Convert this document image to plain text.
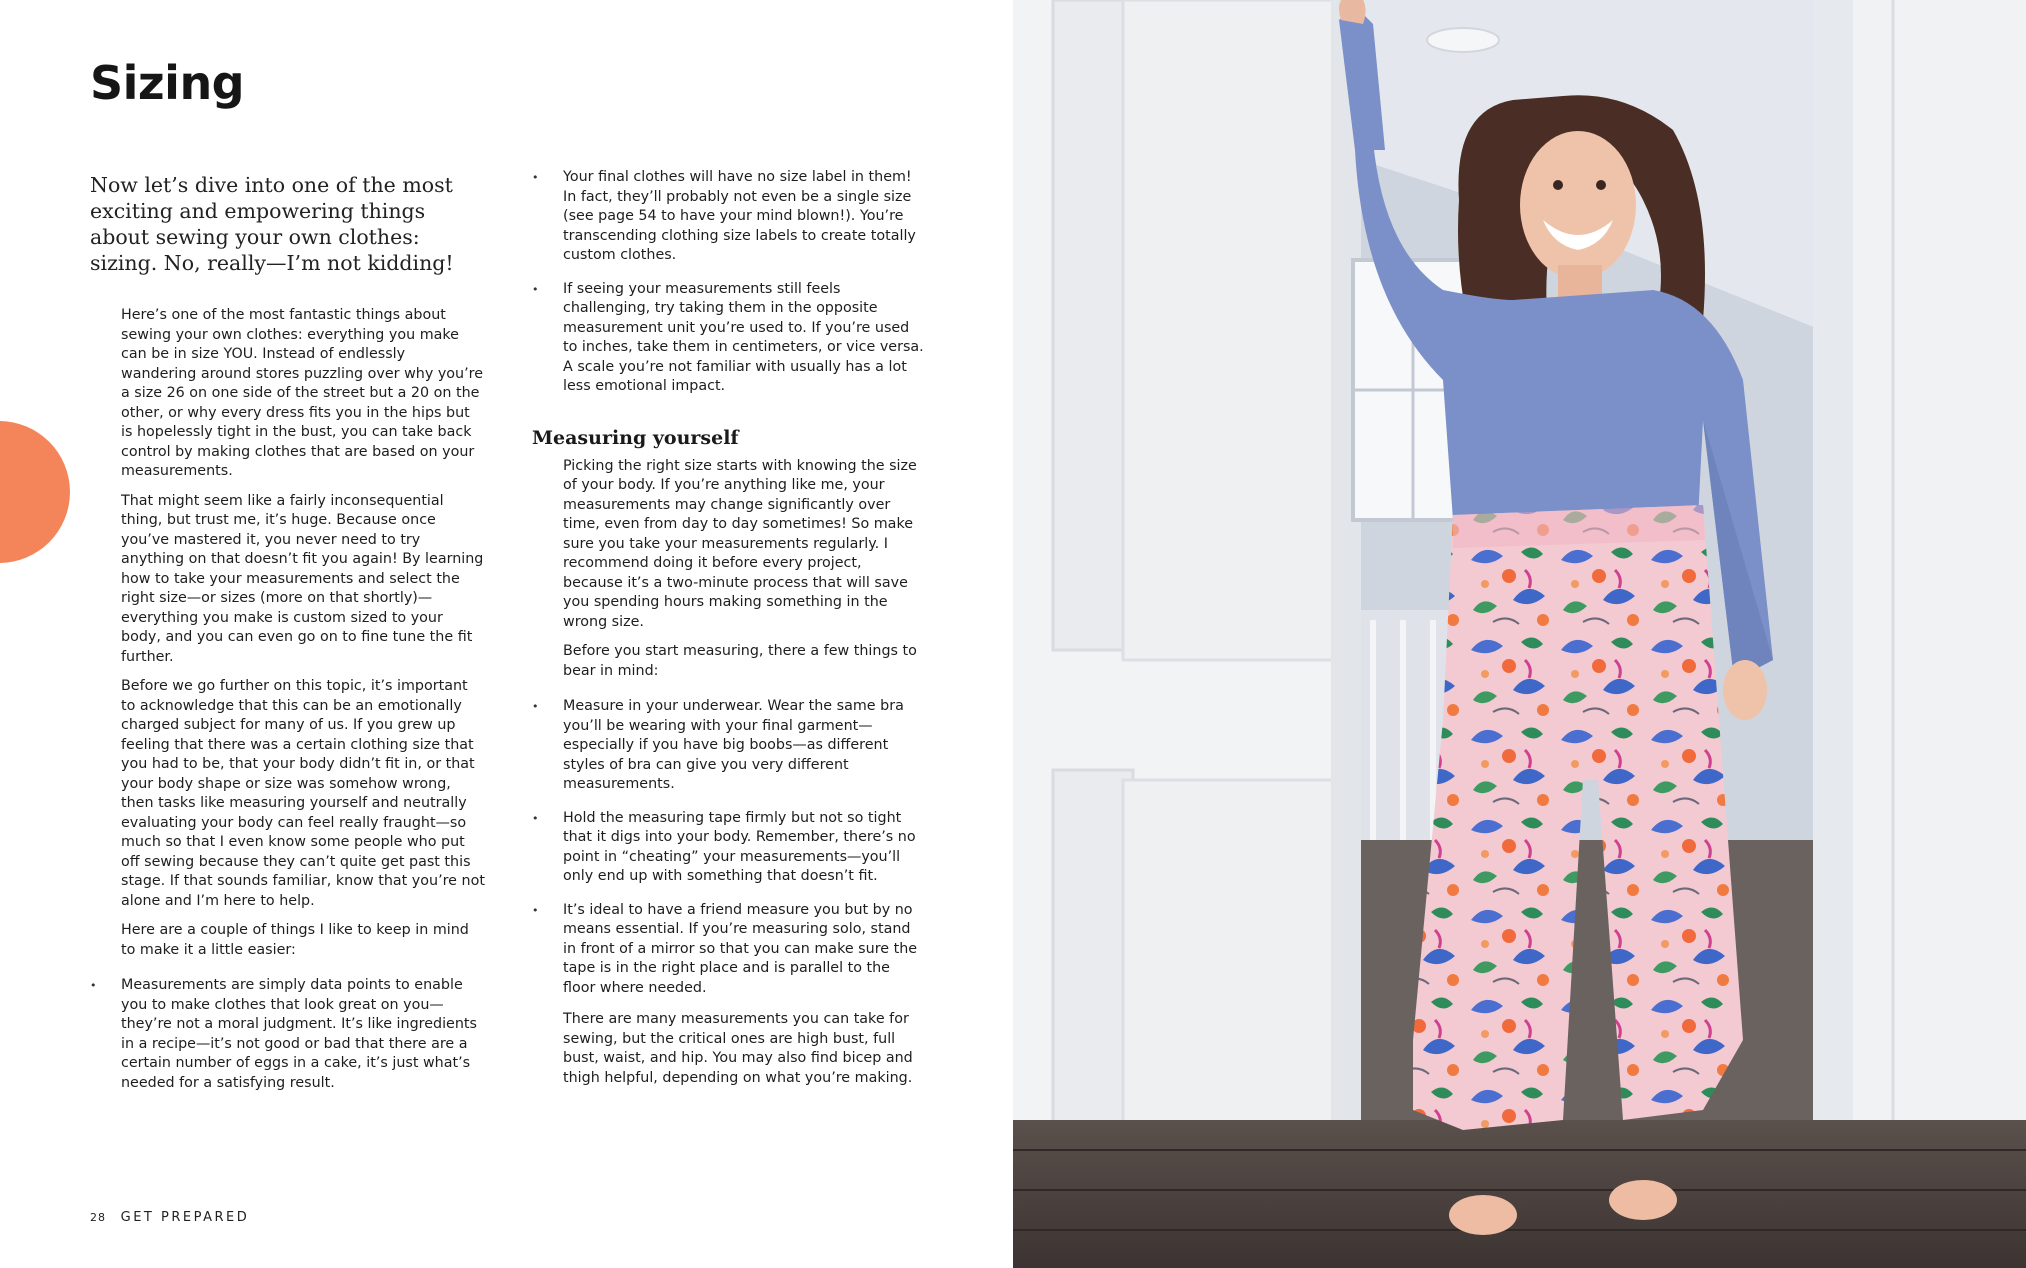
Sizing

Now let’s dive into one of the most exciting and empowering things about sewing your own clothes: sizing. No, really—I’m not kidding!

Here’s one of the most fantastic things about sewing your own clothes: everything you make can be in size YOU. Instead of endlessly wandering around stores puzzling over why you’re a size 26 on one side of the street but a 20 on the other, or why every dress fits you in the hips but is hopelessly tight in the bust, you can take back control by making clothes that are based on your measurements.

That might seem like a fairly inconsequential thing, but trust me, it’s huge. Because once you’ve mastered it, you never need to try anything on that doesn’t fit you again! By learning how to take your measurements and select the right size—or sizes (more on that shortly)—everything you make is custom sized to your body, and you can even go on to fine tune the fit further.

Before we go further on this topic, it’s important to acknowledge that this can be an emotionally charged subject for many of us. If you grew up feeling that there was a certain clothing size that you had to be, that your body didn’t fit in, or that your body shape or size was somehow wrong, then tasks like measuring yourself and neutrally evaluating your body can feel really fraught—so much so that I even know some people who put off sewing because they can’t quite get past this stage. If that sounds familiar, know that you’re not alone and I’m here to help.

Here are a couple of things I like to keep in mind to make it a little easier:

• Measurements are simply data points to enable you to make clothes that look great on you—they’re not a moral judgment. It’s like ingredients in a recipe—it’s not good or bad that there are a certain number of eggs in a cake, it’s just what’s needed for a satisfying result.
• Your final clothes will have no size label in them! In fact, they’ll probably not even be a single size (see page 54 to have your mind blown!). You’re transcending clothing size labels to create totally custom clothes.
• If seeing your measurements still feels challenging, try taking them in the opposite measurement unit you’re used to. If you’re used to inches, take them in centimeters, or vice versa. A scale you’re not familiar with usually has a lot less emotional impact.
Measuring yourself

Picking the right size starts with knowing the size of your body. If you’re anything like me, your measurements may change significantly over time, even from day to day sometimes! So make sure you take your measurements regularly. I recommend doing it before every project, because it’s a two-minute process that will save you spending hours making something in the wrong size.

Before you start measuring, there a few things to bear in mind:

• Measure in your underwear. Wear the same bra you’ll be wearing with your final garment—especially if you have big boobs—as different styles of bra can give you very different measurements.
• Hold the measuring tape firmly but not so tight that it digs into your body. Remember, there’s no point in “cheating” your measurements—you’ll only end up with something that doesn’t fit.
• It’s ideal to have a friend measure you but by no means essential. If you’re measuring solo, stand in front of a mirror so that you can make sure the tape is in the right place and is parallel to the floor where needed.

There are many measurements you can take for sewing, but the critical ones are high bust, full bust, waist, and hip. You may also find bicep and thigh helpful, depending on what you’re making.

28 GET PREPARED
